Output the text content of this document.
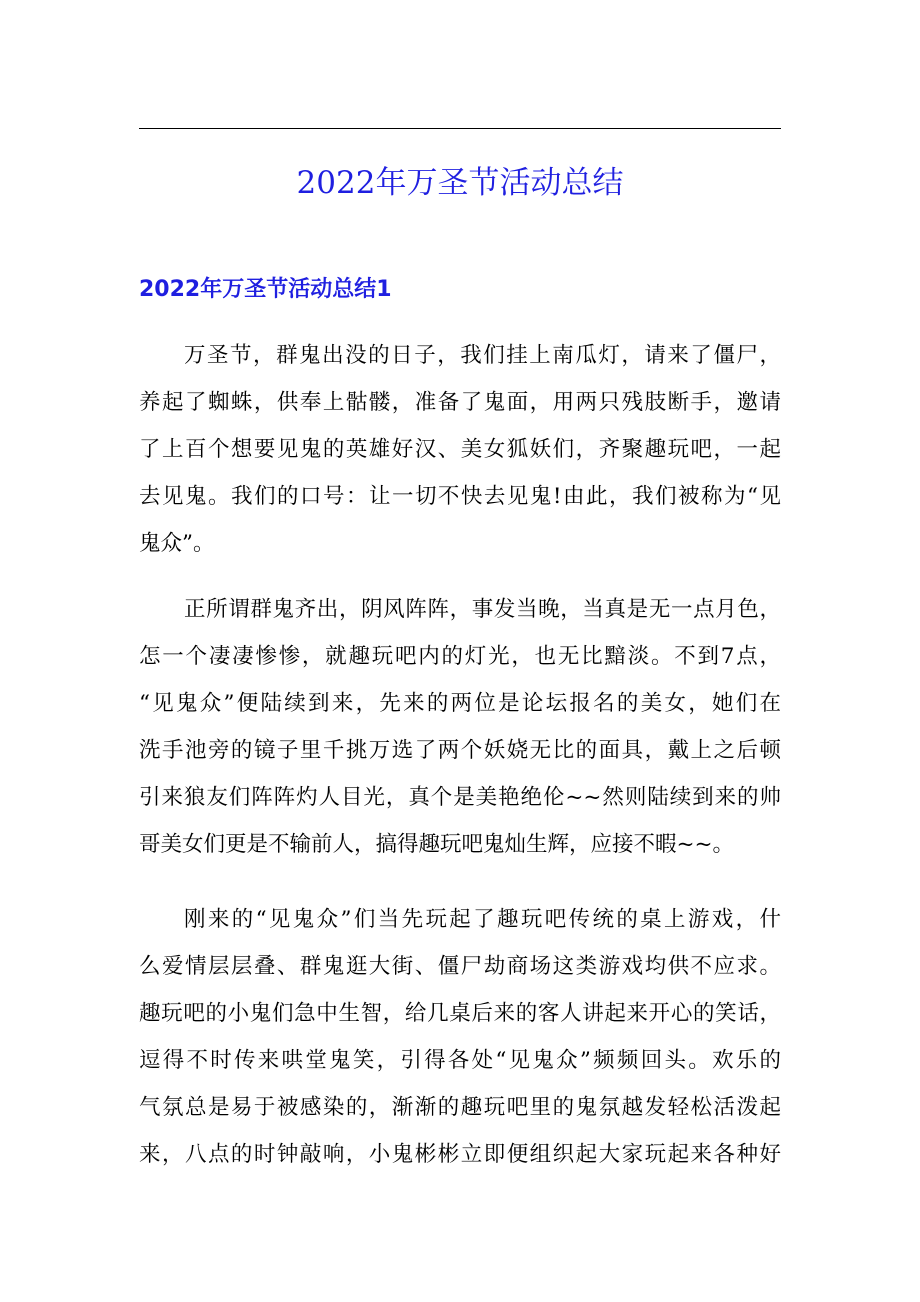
2022年万圣节活动总结
2022年万圣节活动总结1

万圣节，群鬼出没的日子，我们挂上南瓜灯，请来了僵尸，
养起了蜘蛛，供奉上骷髅，准备了鬼面，用两只残肢断手，邀请
了上百个想要见鬼的英雄好汉、美女狐妖们，齐聚趣玩吧，一起
去见鬼。我们的口号：让一切不快去见鬼!由此，我们被称为“见
鬼众”。

正所谓群鬼齐出，阴风阵阵，事发当晚，当真是无一点月色，
怎一个凄凄惨惨，就趣玩吧内的灯光，也无比黯淡。不到7点，
“见鬼众”便陆续到来，先来的两位是论坛报名的美女，她们在
洗手池旁的镜子里千挑万选了两个妖娆无比的面具，戴上之后顿
引来狼友们阵阵灼人目光，真个是美艳绝伦~~然则陆续到来的帅
哥美女们更是不输前人，搞得趣玩吧鬼灿生辉，应接不暇~~。

刚来的“见鬼众”们当先玩起了趣玩吧传统的桌上游戏，什
么爱情层层叠、群鬼逛大街、僵尸劫商场这类游戏均供不应求。
趣玩吧的小鬼们急中生智，给几桌后来的客人讲起来开心的笑话，
逗得不时传来哄堂鬼笑，引得各处“见鬼众”频频回头。欢乐的
气氛总是易于被感染的，渐渐的趣玩吧里的鬼氛越发轻松活泼起
来，八点的时钟敲响，小鬼彬彬立即便组织起大家玩起来各种好
